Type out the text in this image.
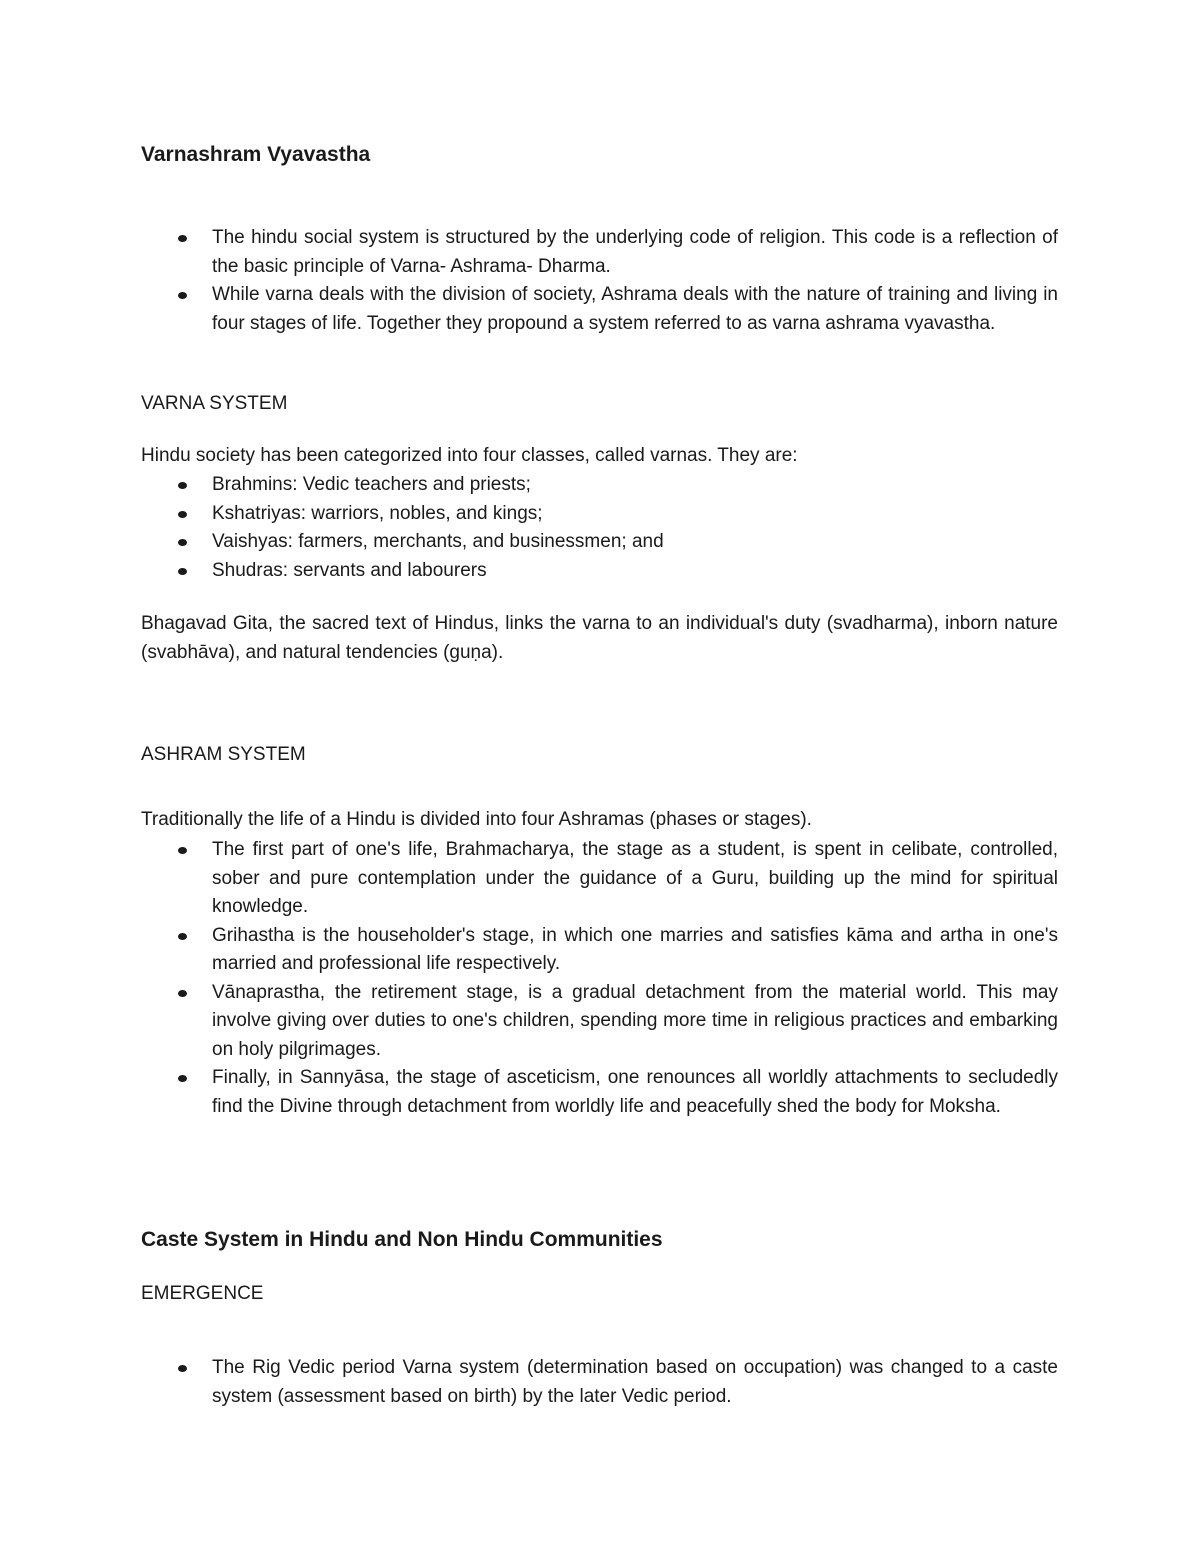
Varnashram Vyavastha
The hindu social system is structured by the underlying code of religion. This code is a reflection of the basic principle of Varna- Ashrama- Dharma.
While varna deals with the division of society, Ashrama deals with the nature of training and living in four stages of life. Together they propound a system referred to as varna ashrama vyavastha.

VARNA SYSTEM

Hindu society has been categorized into four classes, called varnas. They are:

Brahmins: Vedic teachers and priests;
Kshatriyas: warriors, nobles, and kings;
Vaishyas: farmers, merchants, and businessmen; and
Shudras: servants and labourers

Bhagavad Gita, the sacred text of Hindus, links the varna to an individual's duty (svadharma), inborn nature (svabhāva), and natural tendencies (guṇa).

ASHRAM SYSTEM

Traditionally the life of a Hindu is divided into four Ashramas (phases or stages).

The first part of one's life, Brahmacharya, the stage as a student, is spent in celibate, controlled, sober and pure contemplation under the guidance of a Guru, building up the mind for spiritual knowledge.
Grihastha is the householder's stage, in which one marries and satisfies kāma and artha in one's married and professional life respectively.
Vānaprastha, the retirement stage, is a gradual detachment from the material world. This may involve giving over duties to one's children, spending more time in religious practices and embarking on holy pilgrimages.
Finally, in Sannyāsa, the stage of asceticism, one renounces all worldly attachments to secludedly find the Divine through detachment from worldly life and peacefully shed the body for Moksha.
Caste System in Hindu and Non Hindu Communities

EMERGENCE

The Rig Vedic period Varna system (determination based on occupation) was changed to a caste system (assessment based on birth) by the later Vedic period.
